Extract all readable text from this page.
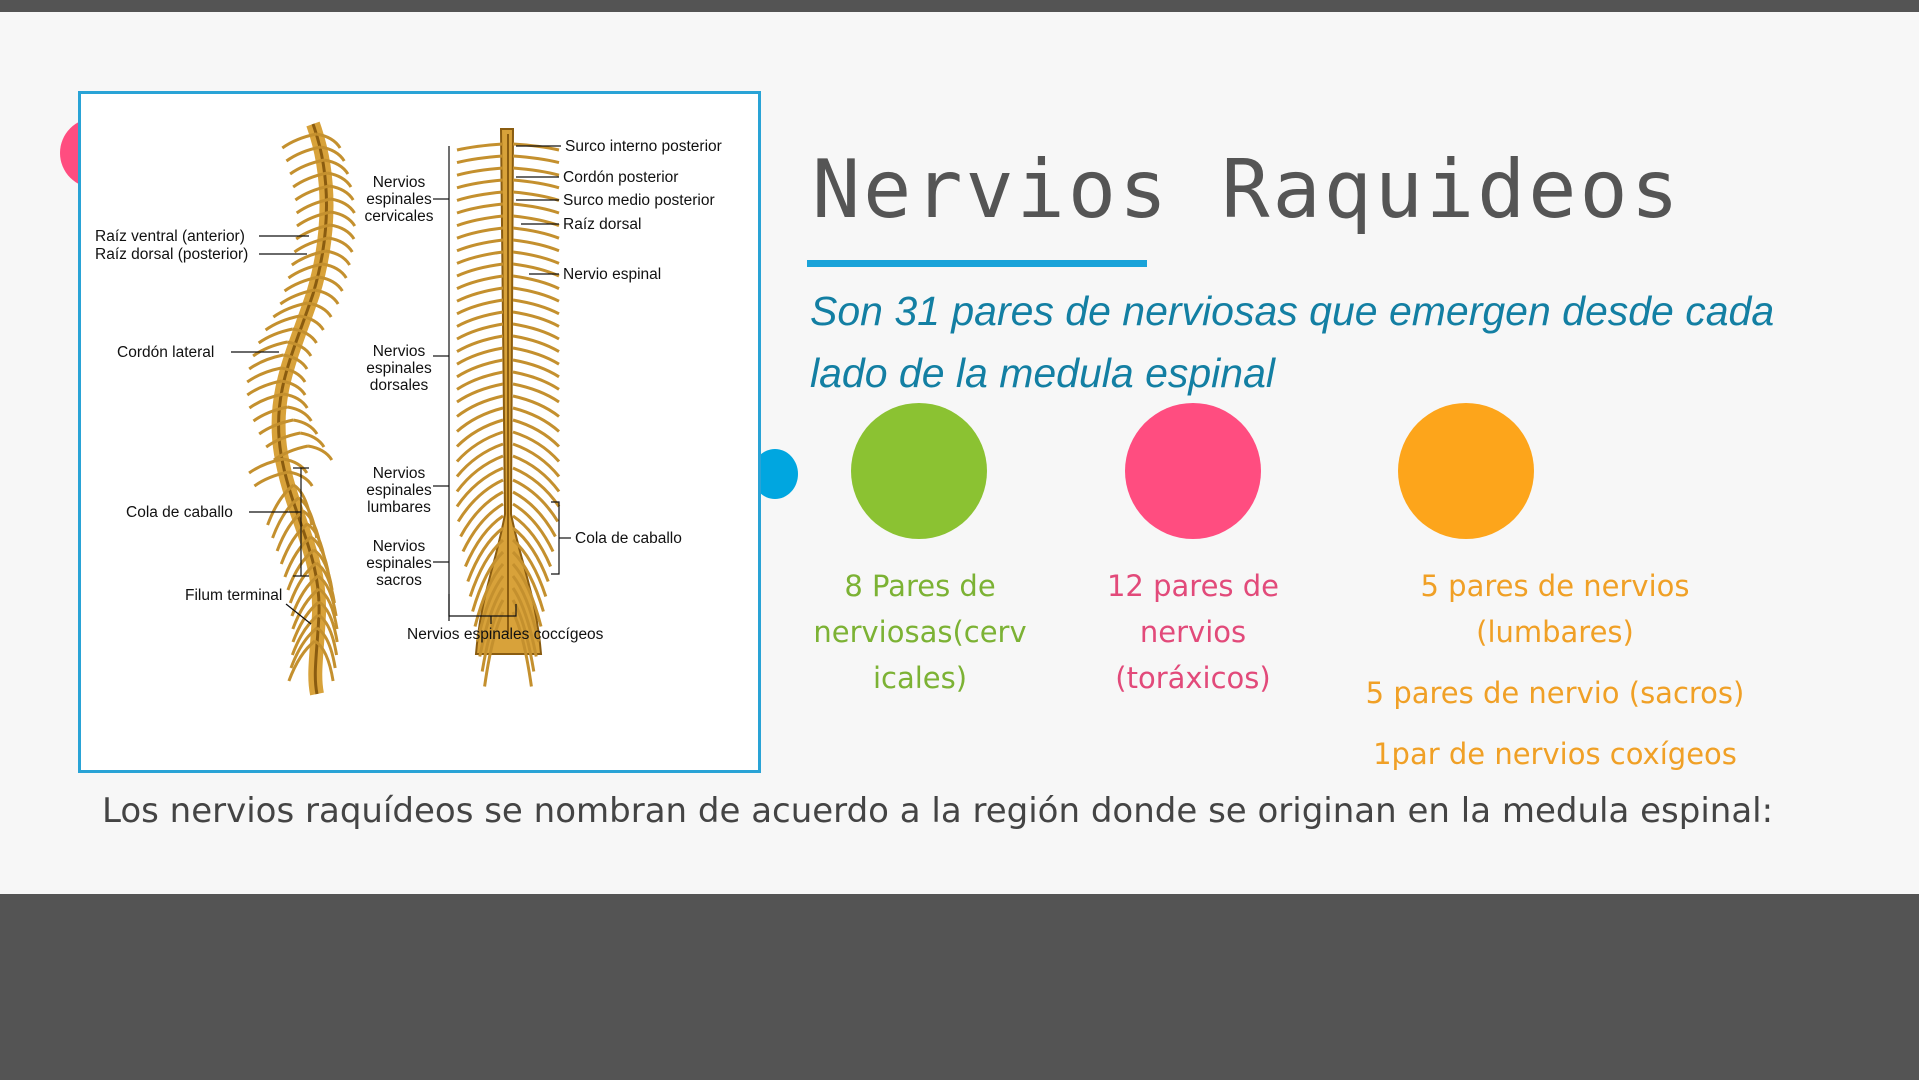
Surco interno posterior
Cordón posterior
Surco medio posterior
Raíz dorsal
Nervio espinal
Cola de caballo
Nervios espinales coccígeos
Raíz ventral (anterior)
Raíz dorsal (posterior)
Cordón lateral
Cola de caballo
Filum terminal
Nervios
espinales
cervicales
Nervios
espinales
dorsales
Nervios
espinales
lumbares
Nervios
espinales
sacros
Nervios Raquideos
Son 31 pares de nerviosas que emergen desde cada lado de la medula espinal
8 Pares de
nerviosas(cerv
icales)
12 pares de
nervios
(toráxicos)
5 pares de nervios
(lumbares)
5 pares de nervio (sacros)
1par de nervios coxígeos
Los nervios raquídeos se nombran de acuerdo a la región donde se originan en la medula espinal:
